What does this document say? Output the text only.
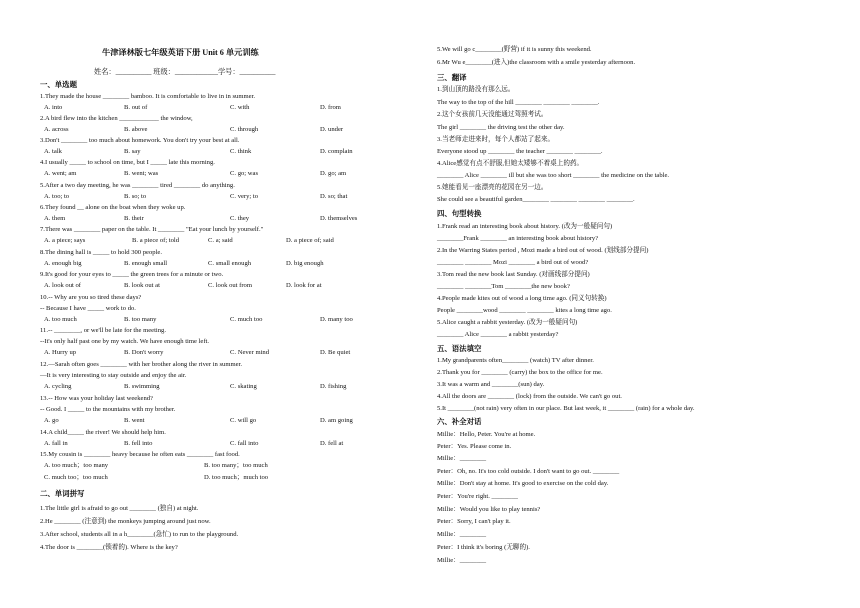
牛津译林版七年级英语下册 Unit 6 单元训练
姓名：__________ 班级：____________学号：__________
一、单选题
1.They made the house ________ bamboo. It is comfortable to live in in summer.
A. into	B. out of	C. with	D. from
2.A bird flew into the kitchen ____________ the window,
A. across	B. above	C. through	D. under
3.Don't ________ too much about homework. You don't try your best at all.
A. talk	B. say	C. think	D. complain
4.I usually _____ to school on time, but I _____ late this morning.
A. went; am	B. went; was	C. go; was	D. go; am
5.After a two day meeting, he was ________ tired ________ do anything.
A. too; to	B. so; to	C. very; to	D. so; that
6.They found __ alone on the boat when they woke up.
A. them	B. their	C. they	D. themselves
7.There was ________ paper on the table. It ________ "Eat your lunch by yourself."
A. a piece; says	B. a piece of; told	C. a; said	D. a piece of; said
8.The dining hall is _____ to hold 300 people.
A. enough big	B. enough small	C. small enough	D. big enough
9.It's good for your eyes to _____ the green trees for a minute or two.
A. look out of	B. look out at	C. look out from	D. look for at
10.-- Why are you so tired these days?
-- Because I have _____ work to do.
A. too much	B. too many	C. much too	D. many too
11.-- ________, or we'll be late for the meeting.
--It's only half past one by my watch. We have enough time left.
A. Hurry up	B. Don't worry	C. Never mind	D. Be quiet
12.—Sarah often goes ________ with her brother along the river in summer.
—It is very interesting to stay outside and enjoy the air.
A. cycling	B. swimming	C. skating	D. fishing
13.-- How was your holiday last weekend?
-- Good. I _____ to the mountains with my brother.
A. go	B. went	C. will go	D. am going
14.A child_____ the river! We should help him.
A. fall in	B. fell into	C. fall into	D. fell at
15.My cousin is ________ heavy because he often eats ________ fast food.
A. too much；too many	B. too many；too much
C. much too；too much	D. too much；much too
二、单词拼写
1.The little girl is afraid to go out ________ (独自) at night.
2.He ________ (注意到) the monkeys jumping around just now.
3.After school, students all in a h________(急忙) to run to the playground.
4.The door is ________(锁着的). Where is the key?
5.We will go c________(野营) if it is sunny this weekend.
6.Mr Wu e________(进入)the classroom with a smile yesterday afternoon.
三、翻译
1.到山顶的路没有那么远。
The way to the top of the hill ________ ________ ________.
2.这个女孩前几天没能通过驾照考试。
The girl ________ the driving test the other day.
3.当老师走进来时，每个人都站了起来。
Everyone stood up ________ the teacher ________ ________.
4.Alice感觉有点不舒服,但她太矮够不着桌上的药。
________ Alice ________ ill but she was too short ________ the medicine on the table.
5.她能看见一座漂亮的花园在另一边。
She could see a beautiful garden________ ________ ________ ________.
四、句型转换
1.Frank read an interesting book about history. (改为一般疑问句)
________Frank ________ an interesting book about history?
2.In the Warring States period , Mozi made a bird out of wood. (划线部分提问)
________ ________ Mozi ________ a bird out of wood?
3.Tom read the new book last Sunday. (对画线部分提问)
________ ________Tom ________the new book?
4.People made kites out of wood a long time ago. (同义句转换)
People ________wood ________ ________ kites a long time ago.
5.Alice caught a rabbit yesterday. (改为一般疑问句)
________ Alice ________ a rabbit yesterday?
五、语法填空
1.My grandparents often________ (watch) TV after dinner.
2.Thank you for ________ (carry) the box to the office for me.
3.It was a warm and ________(sun) day.
4.All the doors are ________ (lock) from the outside. We can't go out.
5.It ________(not rain) very often in our place. But last week, it ________ (rain) for a whole day.
六、补全对话
Millie：Hello, Peter. You're at home.
Peter：Yes. Please come in.
Millie：________
Peter：Oh, no. It's too cold outside. I don't want to go out. ________
Millie：Don't stay at home. It's good to exercise on the cold day.
Peter：You're right. ________
Millie：Would you like to play tennis?
Peter：Sorry, I can't play it.
Millie：________
Peter：I think it's boring (无聊的).
Millie：________
